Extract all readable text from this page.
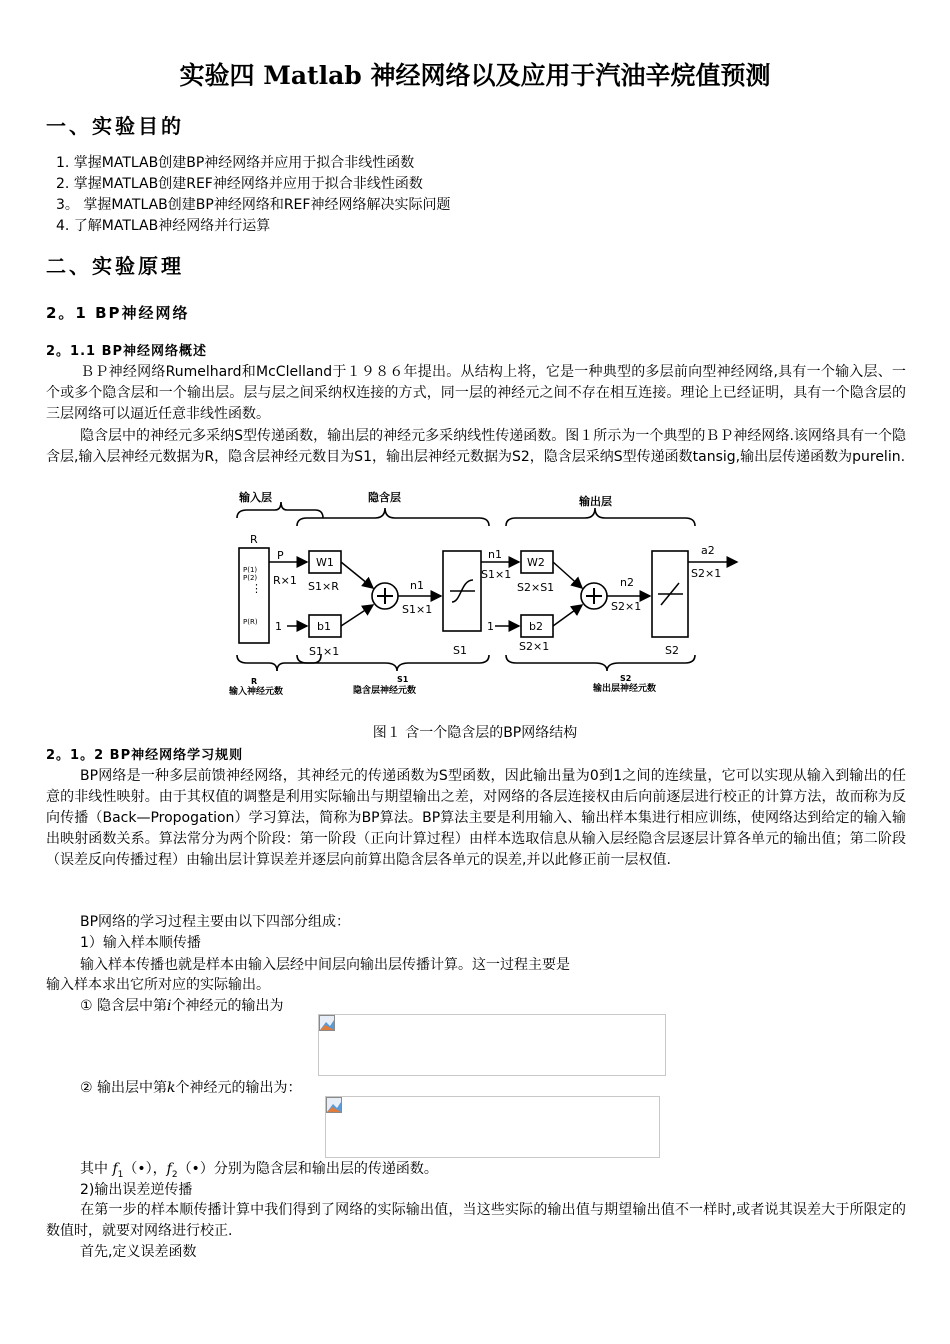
实验四 Matlab 神经网络以及应用于汽油辛烷值预测
一、实验目的
1. 掌握MATLAB创建BP神经网络并应用于拟合非线性函数
2. 掌握MATLAB创建REF神经网络并应用于拟合非线性函数
3。 掌握MATLAB创建BP神经网络和REF神经网络解决实际问题
4. 了解MATLAB神经网络并行运算
二、实验原理
2。1 BP神经网络
2。1.1 BP神经网络概述
ＢＰ神经网络Rumelhard和McClelland于１９８６年提出。从结构上将，它是一种典型的多层前向型神经网络,具有一个输入层、一个或多个隐含层和一个输出层。层与层之间采纳权连接的方式，同一层的神经元之间不存在相互连接。理论上已经证明，具有一个隐含层的三层网络可以逼近任意非线性函数。
隐含层中的神经元多采纳S型传递函数，输出层的神经元多采纳线性传递函数。图１所示为一个典型的ＢＰ神经网络.该网络具有一个隐含层,输入层神经元数据为R，隐含层神经元数目为S1，输出层神经元数据为S2，隐含层采纳S型传递函数tansig,输出层传递函数为purelin.
输入层	隐含层	输出层
R
P(1)
P(2)
⋮
P(R)
P
R×1
1
W1
S1×R
b1
S1×1
n1
S1×1
S1
n1
S1×1
W2
S2×S1
1	b2
S2×1
n2
S2×1
S2
a2
S2×1
R
输入神经元数
S1
隐含层神经元数
S2
输出层神经元数
图１ 含一个隐含层的BP网络结构
2。1。2 BP神经网络学习规则
BP网络是一种多层前馈神经网络，其神经元的传递函数为S型函数，因此输出量为0到1之间的连续量，它可以实现从输入到输出的任意的非线性映射。由于其权值的调整是利用实际输出与期望输出之差，对网络的各层连接权由后向前逐层进行校正的计算方法，故而称为反向传播（Back—Propogation）学习算法，简称为BP算法。BP算法主要是利用输入、输出样本集进行相应训练，使网络达到给定的输入输出映射函数关系。算法常分为两个阶段：第一阶段（正向计算过程）由样本选取信息从输入层经隐含层逐层计算各单元的输出值；第二阶段（误差反向传播过程）由输出层计算误差并逐层向前算出隐含层各单元的误差,并以此修正前一层权值.
BP网络的学习过程主要由以下四部分组成：
1）输入样本顺传播
输入样本传播也就是样本由输入层经中间层向输出层传播计算。这一过程主要是
输入样本求出它所对应的实际输出。
① 隐含层中第i个神经元的输出为
② 输出层中第k个神经元的输出为：
其中 $f_1(•)$，$f_2(•)$分别为隐含层和输出层的传递函数。
2)输出误差逆传播
在第一步的样本顺传播计算中我们得到了网络的实际输出值，当这些实际的输出值与期望输出值不一样时,或者说其误差大于所限定的数值时，就要对网络进行校正.
首先,定义误差函数
